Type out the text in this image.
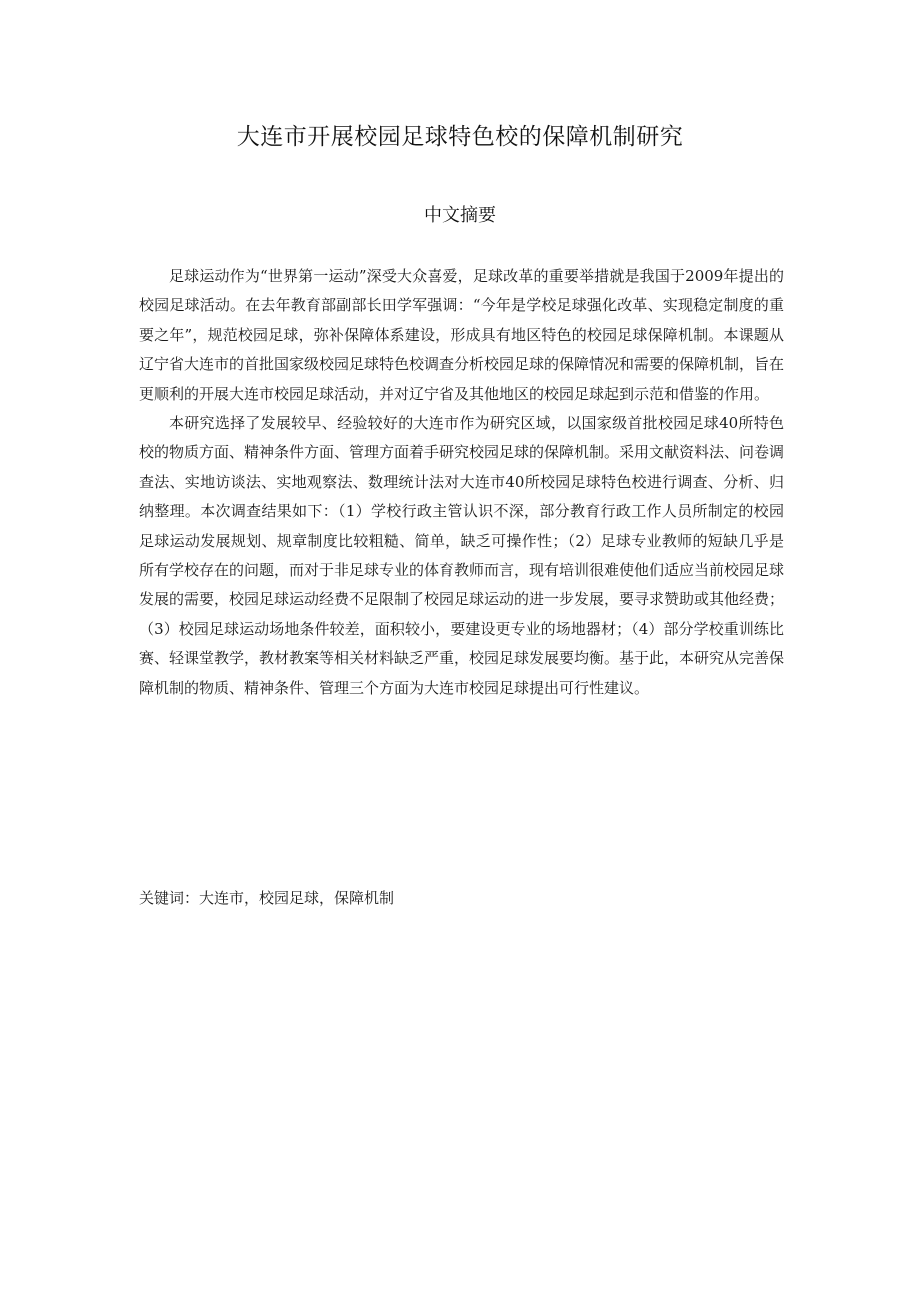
大连市开展校园足球特色校的保障机制研究
中文摘要

足球运动作为“世界第一运动”深受大众喜爱，足球改革的重要举措就是我国于2009年提出的校园足球活动。在去年教育部副部长田学军强调：“今年是学校足球强化改革、实现稳定制度的重要之年”，规范校园足球，弥补保障体系建设，形成具有地区特色的校园足球保障机制。本课题从辽宁省大连市的首批国家级校园足球特色校调查分析校园足球的保障情况和需要的保障机制，旨在更顺利的开展大连市校园足球活动，并对辽宁省及其他地区的校园足球起到示范和借鉴的作用。

本研究选择了发展较早、经验较好的大连市作为研究区域，以国家级首批校园足球40所特色校的物质方面、精神条件方面、管理方面着手研究校园足球的保障机制。采用文献资料法、问卷调查法、实地访谈法、实地观察法、数理统计法对大连市40所校园足球特色校进行调查、分析、归纳整理。本次调查结果如下：（1）学校行政主管认识不深，部分教育行政工作人员所制定的校园足球运动发展规划、规章制度比较粗糙、简单，缺乏可操作性；（2）足球专业教师的短缺几乎是所有学校存在的问题，而对于非足球专业的体育教师而言，现有培训很难使他们适应当前校园足球发展的需要，校园足球运动经费不足限制了校园足球运动的进一步发展，要寻求赞助或其他经费；（3）校园足球运动场地条件较差，面积较小，要建设更专业的场地器材；（4）部分学校重训练比赛、轻课堂教学，教材教案等相关材料缺乏严重，校园足球发展要均衡。基于此，本研究从完善保障机制的物质、精神条件、管理三个方面为大连市校园足球提出可行性建议。

关键词：大连市，校园足球，保障机制
